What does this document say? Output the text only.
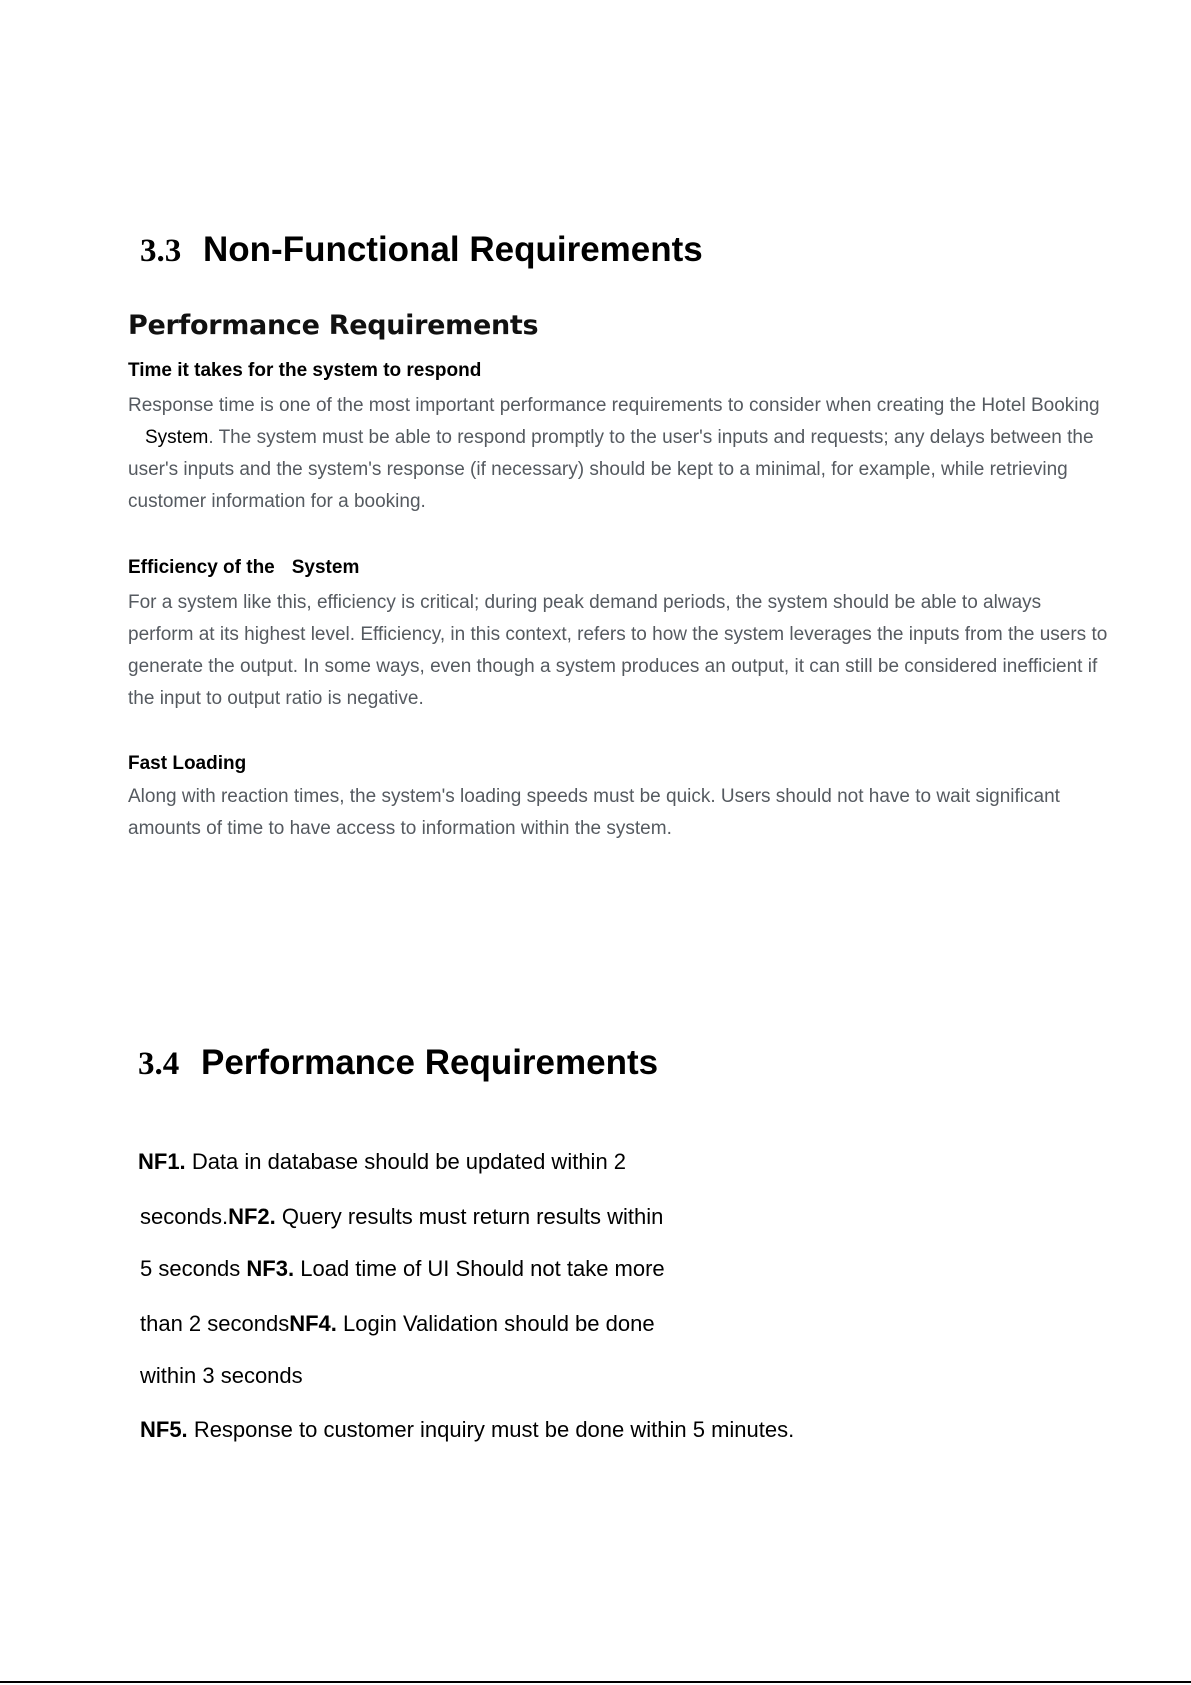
3.3 Non-Functional Requirements
Performance Requirements
Time it takes for the system to respond
Response time is one of the most important performance requirements to consider when creating the Hotel BookingSystem. The system must be able to respond promptly to the user's inputs and requests; any delays between the user's inputs and the system's response (if necessary) should be kept to a minimal, for example, while retrieving customer information for a booking.
Efficiency of the System
For a system like this, efficiency is critical; during peak demand periods, the system should be able to always perform at its highest level. Efficiency, in this context, refers to how the system leverages the inputs from the users to generate the output. In some ways, even though a system produces an output, it can still be considered inefficient if the input to output ratio is negative.
Fast Loading
Along with reaction times, the system's loading speeds must be quick. Users should not have to wait significant amounts of time to have access to information within the system.
3.4 Performance Requirements
NF1. Data in database should be updated within 2
seconds.NF2. Query results must return results within
5 seconds NF3. Load time of UI Should not take more
than 2 secondsNF4. Login Validation should be done
within 3 seconds
NF5. Response to customer inquiry must be done within 5 minutes.
